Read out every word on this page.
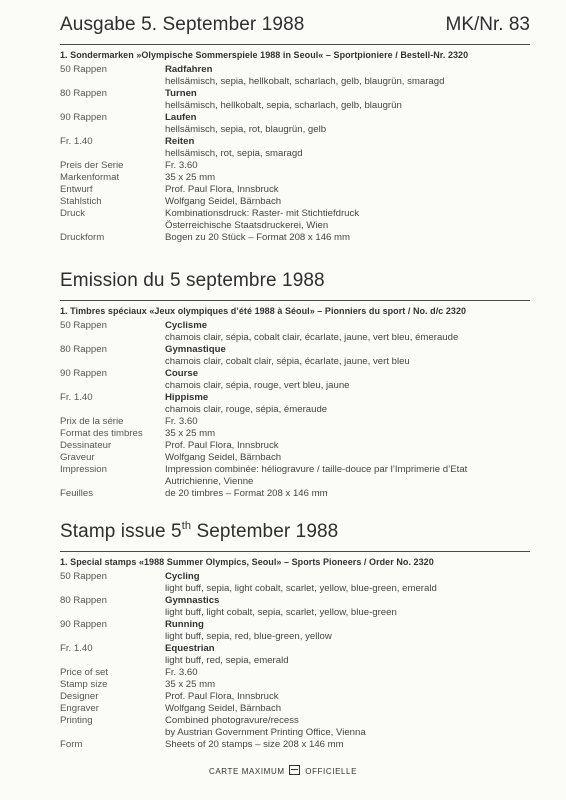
Ausgabe 5. September 1988	MK/Nr. 83
1. Sondermarken »Olympische Sommerspiele 1988 in Seoul« – Sportpioniere / Bestell-Nr. 2320
50 Rappen	Radfahren
hellsämisch, sepia, hellkobalt, scharlach, gelb, blaugrün, smaragd
80 Rappen	Turnen
hellsämisch, hellkobalt, sepia, scharlach, gelb, blaugrün
90 Rappen	Laufen
hellsämisch, sepia, rot, blaugrün, gelb
Fr. 1.40	Reiten
hellsämisch, rot, sepia, smaragd
Preis der Serie	Fr. 3.60
Markenformat	35 x 25 mm
Entwurf	Prof. Paul Flora, Innsbruck
Stahlstich	Wolfgang Seidel, Bärnbach
Druck	Kombinationsdruck: Raster- mit Stichtiefdruck
Österreichische Staatsdruckerei, Wien
Druckform	Bogen zu 20 Stück – Format 208 x 146 mm
Emission du 5 septembre 1988
1. Timbres spéciaux «Jeux olympiques d’été 1988 à Séoul» – Pionniers du sport / No. d/c 2320
50 Rappen	Cyclisme
chamois clair, sépia, cobalt clair, écarlate, jaune, vert bleu, émeraude
80 Rappen	Gymnastique
chamois clair, cobalt clair, sépia, écarlate, jaune, vert bleu
90 Rappen	Course
chamois clair, sépia, rouge, vert bleu, jaune
Fr. 1.40	Hippisme
chamois clair, rouge, sépia, émeraude
Prix de la série	Fr. 3.60
Format des timbres 35 x 25 mm
Dessinateur	Prof. Paul Flora, Innsbruck
Graveur	Wolfgang Seidel, Bärnbach
Impression	Impression combinée: héliogravure / taille-douce par l’Imprimerie d’Etat
Autrichienne, Vienne
Feuilles	de 20 timbres – Format 208 x 146 mm
Stamp issue 5th September 1988
1. Special stamps «1988 Summer Olympics, Seoul» – Sports Pioneers / Order No. 2320
50 Rappen	Cycling
light buff, sepia, light cobalt, scarlet, yellow, blue-green, emerald
80 Rappen	Gymnastics
light buff, light cobalt, sepia, scarlet, yellow, blue-green
90 Rappen	Running
light buff, sepia, red, blue-green, yellow
Fr. 1.40	Equestrian
light buff, red, sepia, emerald
Price of set	Fr. 3.60
Stamp size	35 x 25 mm
Designer	Prof. Paul Flora, Innsbruck
Engraver	Wolfgang Seidel, Bärnbach
Printing	Combined photogravure/recess
by Austrian Government Printing Office, Vienna
Form	Sheets of 20 stamps – size 208 x 146 mm
CARTE MAXIMUM	OFFICIELLE
